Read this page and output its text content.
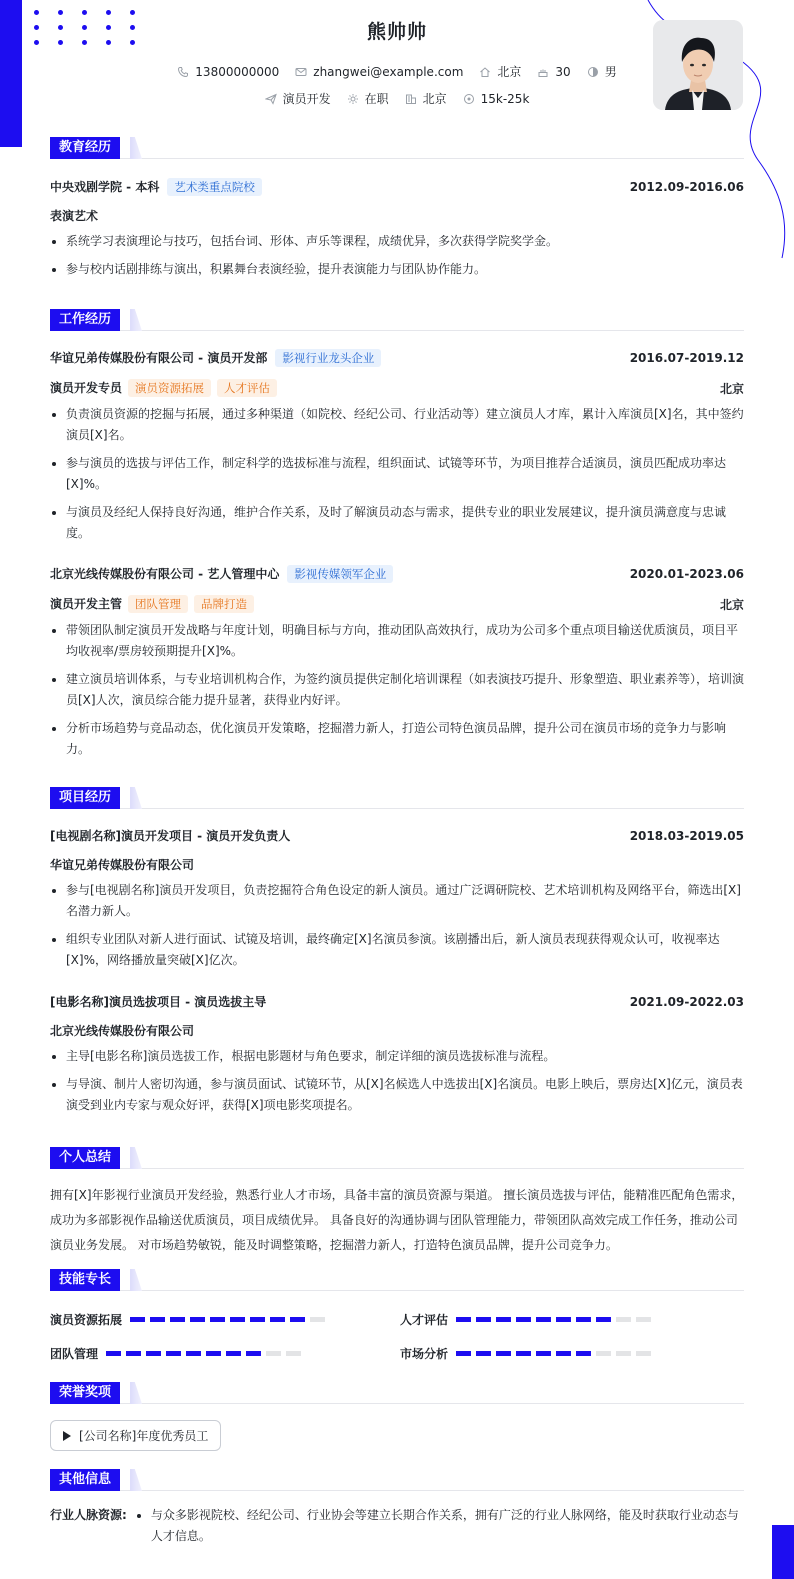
熊帅帅
13800000000	zhangwei@example.com	北京	30	男
演员开发	在职	北京	15k-25k
教育经历
中央戏剧学院 - 本科 艺术类重点院校	2012.09-2016.06
表演艺术
系统学习表演理论与技巧，包括台词、形体、声乐等课程，成绩优异，多次获得学院奖学金。
参与校内话剧排练与演出，积累舞台表演经验，提升表演能力与团队协作能力。
工作经历
华谊兄弟传媒股份有限公司 - 演员开发部 影视行业龙头企业	2016.07-2019.12
演员开发专员 演员资源拓展 人才评估	北京
负责演员资源的挖掘与拓展，通过多种渠道（如院校、经纪公司、行业活动等）建立演员人才库，累计入库演员[X]名，其中签约演员[X]名。
参与演员的选拔与评估工作，制定科学的选拔标准与流程，组织面试、试镜等环节，为项目推荐合适演员，演员匹配成功率达[X]%。
与演员及经纪人保持良好沟通，维护合作关系，及时了解演员动态与需求，提供专业的职业发展建议，提升演员满意度与忠诚度。
北京光线传媒股份有限公司 - 艺人管理中心 影视传媒领军企业	2020.01-2023.06
演员开发主管 团队管理 品牌打造	北京
带领团队制定演员开发战略与年度计划，明确目标与方向，推动团队高效执行，成功为公司多个重点项目输送优质演员，项目平均收视率/票房较预期提升[X]%。
建立演员培训体系，与专业培训机构合作，为签约演员提供定制化培训课程（如表演技巧提升、形象塑造、职业素养等），培训演员[X]人次，演员综合能力提升显著，获得业内好评。
分析市场趋势与竞品动态，优化演员开发策略，挖掘潜力新人，打造公司特色演员品牌，提升公司在演员市场的竞争力与影响力。
项目经历
[电视剧名称]演员开发项目 - 演员开发负责人	2018.03-2019.05
华谊兄弟传媒股份有限公司
参与[电视剧名称]演员开发项目，负责挖掘符合角色设定的新人演员。通过广泛调研院校、艺术培训机构及网络平台，筛选出[X]名潜力新人。
组织专业团队对新人进行面试、试镜及培训，最终确定[X]名演员参演。该剧播出后，新人演员表现获得观众认可，收视率达[X]%，网络播放量突破[X]亿次。
[电影名称]演员选拔项目 - 演员选拔主导	2021.09-2022.03
北京光线传媒股份有限公司
主导[电影名称]演员选拔工作，根据电影题材与角色要求，制定详细的演员选拔标准与流程。
与导演、制片人密切沟通，参与演员面试、试镜环节，从[X]名候选人中选拔出[X]名演员。电影上映后，票房达[X]亿元，演员表演受到业内专家与观众好评，获得[X]项电影奖项提名。
个人总结
拥有[X]年影视行业演员开发经验，熟悉行业人才市场，具备丰富的演员资源与渠道。 擅长演员选拔与评估，能精准匹配角色需求，成功为多部影视作品输送优质演员，项目成绩优异。 具备良好的沟通协调与团队管理能力，带领团队高效完成工作任务，推动公司演员业务发展。 对市场趋势敏锐，能及时调整策略，挖掘潜力新人，打造特色演员品牌，提升公司竞争力。
技能专长
演员资源拓展	人才评估
团队管理	市场分析
荣誉奖项
[公司名称]年度优秀员工
其他信息
行业人脉资源:	与众多影视院校、经纪公司、行业协会等建立长期合作关系，拥有广泛的行业人脉网络，能及时获取行业动态与人才信息。
